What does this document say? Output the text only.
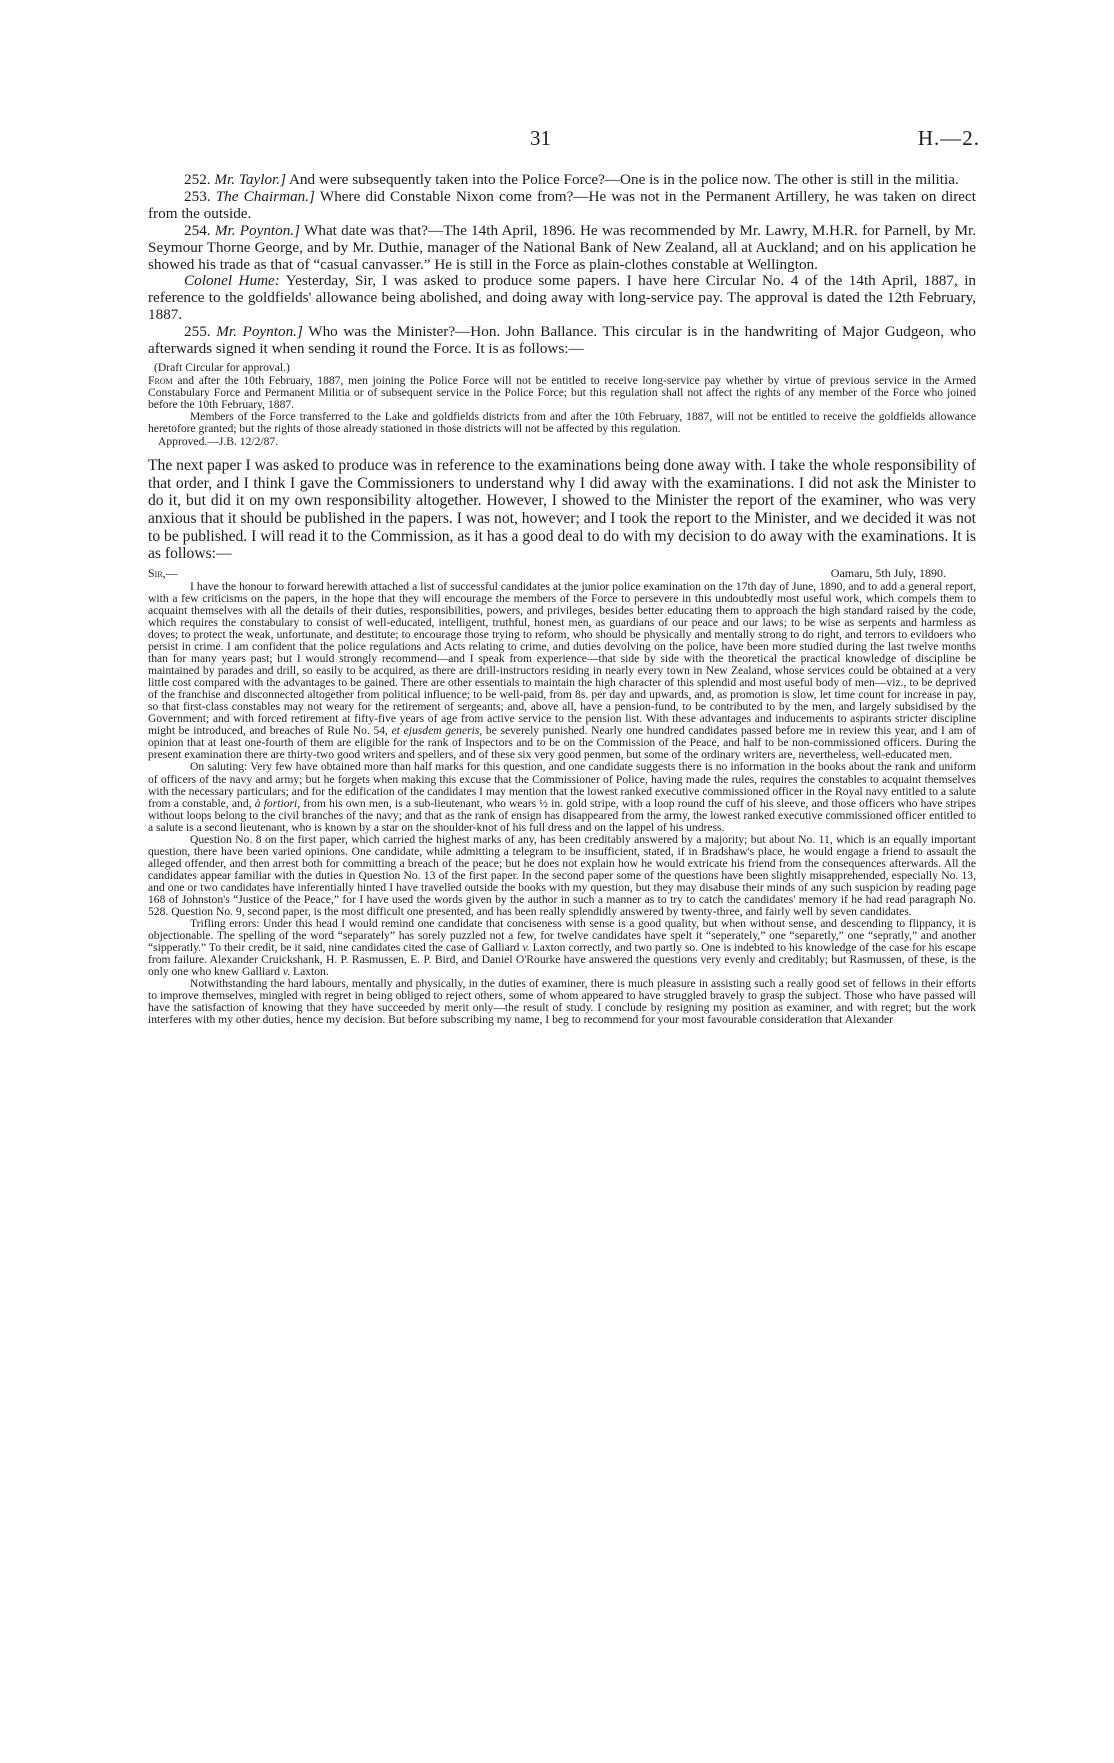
31	H.—2.

252. Mr. Taylor.] And were subsequently taken into the Police Force?—One is in the police now. The other is still in the militia.

253. The Chairman.] Where did Constable Nixon come from?—He was not in the Permanent Artillery, he was taken on direct from the outside.

254. Mr. Poynton.] What date was that?—The 14th April, 1896. He was recommended by Mr. Lawry, M.H.R. for Parnell, by Mr. Seymour Thorne George, and by Mr. Duthie, manager of the National Bank of New Zealand, all at Auckland; and on his application he showed his trade as that of “casual canvasser.” He is still in the Force as plain-clothes constable at Wellington.

Colonel Hume: Yesterday, Sir, I was asked to produce some papers. I have here Circular No. 4 of the 14th April, 1887, in reference to the goldfields' allowance being abolished, and doing away with long-service pay. The approval is dated the 12th February, 1887.

255. Mr. Poynton.] Who was the Minister?—Hon. John Ballance. This circular is in the handwriting of Major Gudgeon, who afterwards signed it when sending it round the Force. It is as follows:—

(Draft Circular for approval.)

From and after the 10th February, 1887, men joining the Police Force will not be entitled to receive long-service pay whether by virtue of previous service in the Armed Constabulary Force and Permanent Militia or of subsequent service in the Police Force; but this regulation shall not affect the rights of any member of the Force who joined before the 10th February, 1887.

Members of the Force transferred to the Lake and goldfields districts from and after the 10th February, 1887, will not be entitled to receive the goldfields allowance heretofore granted; but the rights of those already stationed in those districts will not be affected by this regulation.

Approved.—J.B. 12/2/87.

The next paper I was asked to produce was in reference to the examinations being done away with. I take the whole responsibility of that order, and I think I gave the Commissioners to understand why I did away with the examinations. I did not ask the Minister to do it, but did it on my own responsibility altogether. However, I showed to the Minister the report of the examiner, who was very anxious that it should be published in the papers. I was not, however; and I took the report to the Minister, and we decided it was not to be published. I will read it to the Commission, as it has a good deal to do with my decision to do away with the examinations. It is as follows:—

Sir,—	Oamaru, 5th July, 1890.

I have the honour to forward herewith attached a list of successful candidates at the junior police examination on the 17th day of June, 1890, and to add a general report, with a few criticisms on the papers, in the hope that they will encourage the members of the Force to persevere in this undoubtedly most useful work, which compels them to acquaint themselves with all the details of their duties, responsibilities, powers, and privileges, besides better educating them to approach the high standard raised by the code, which requires the constabulary to consist of well-educated, intelligent, truthful, honest men, as guardians of our peace and our laws; to be wise as serpents and harmless as doves; to protect the weak, unfortunate, and destitute; to encourage those trying to reform, who should be physically and mentally strong to do right, and terrors to evildoers who persist in crime. I am confident that the police regulations and Acts relating to crime, and duties devolving on the police, have been more studied during the last twelve months than for many years past; but I would strongly recommend—and I speak from experience—that side by side with the theoretical the practical knowledge of discipline be maintained by parades and drill, so easily to be acquired, as there are drill-instructors residing in nearly every town in New Zealand, whose services could be obtained at a very little cost compared with the advantages to be gained. There are other essentials to maintain the high character of this splendid and most useful body of men—viz., to be deprived of the franchise and disconnected altogether from political influence; to be well-paid, from 8s. per day and upwards, and, as promotion is slow, let time count for increase in pay, so that first-class constables may not weary for the retirement of sergeants; and, above all, have a pension-fund, to be contributed to by the men, and largely subsidised by the Government; and with forced retirement at fifty-five years of age from active service to the pension list. With these advantages and inducements to aspirants stricter discipline might be introduced, and breaches of Rule No. 54, et ejusdem generis, be severely punished. Nearly one hundred candidates passed before me in review this year, and I am of opinion that at least one-fourth of them are eligible for the rank of Inspectors and to be on the Commission of the Peace, and half to be non-commissioned officers. During the present examination there are thirty-two good writers and spellers, and of these six very good penmen, but some of the ordinary writers are, nevertheless, well-educated men.

On saluting: Very few have obtained more than half marks for this question, and one candidate suggests there is no information in the books about the rank and uniform of officers of the navy and army; but he forgets when making this excuse that the Commissioner of Police, having made the rules, requires the constables to acquaint themselves with the necessary particulars; and for the edification of the candidates I may mention that the lowest ranked executive commissioned officer in the Royal navy entitled to a salute from a constable, and, à fortiori, from his own men, is a sub-lieutenant, who wears ½ in. gold stripe, with a loop round the cuff of his sleeve, and those officers who have stripes without loops belong to the civil branches of the navy; and that as the rank of ensign has disappeared from the army, the lowest ranked executive commissioned officer entitled to a salute is a second lieutenant, who is known by a star on the shoulder-knot of his full dress and on the lappel of his undress.

Question No. 8 on the first paper, which carried the highest marks of any, has been creditably answered by a majority; but about No. 11, which is an equally important question, there have been varied opinions. One candidate, while admitting a telegram to be insufficient, stated, if in Bradshaw's place, he would engage a friend to assault the alleged offender, and then arrest both for committing a breach of the peace; but he does not explain how he would extricate his friend from the consequences afterwards. All the candidates appear familiar with the duties in Question No. 13 of the first paper. In the second paper some of the questions have been slightly misapprehended, especially No. 13, and one or two candidates have inferentially hinted I have travelled outside the books with my question, but they may disabuse their minds of any such suspicion by reading page 168 of Johnston's “Justice of the Peace,” for I have used the words given by the author in such a manner as to try to catch the candidates' memory if he had read paragraph No. 528. Question No. 9, second paper, is the most difficult one presented, and has been really splendidly answered by twenty-three, and fairly well by seven candidates.

Trifling errors: Under this head I would remind one candidate that conciseness with sense is a good quality, but when without sense, and descending to flippancy, it is objectionable. The spelling of the word “separately” has sorely puzzled not a few, for twelve candidates have spelt it “seperately,” one “separetly,” one “sepratly,” and another “sipperatly.” To their credit, be it said, nine candidates cited the case of Galliard v. Laxton correctly, and two partly so. One is indebted to his knowledge of the case for his escape from failure. Alexander Cruickshank, H. P. Rasmussen, E. P. Bird, and Daniel O'Rourke have answered the questions very evenly and creditably; but Rasmussen, of these, is the only one who knew Galliard v. Laxton.

Notwithstanding the hard labours, mentally and physically, in the duties of examiner, there is much pleasure in assisting such a really good set of fellows in their efforts to improve themselves, mingled with regret in being obliged to reject others, some of whom appeared to have struggled bravely to grasp the subject. Those who have passed will have the satisfaction of knowing that they have succeeded by merit only—the result of study. I conclude by resigning my position as examiner, and with regret; but the work interferes with my other duties, hence my decision. But before subscribing my name, I beg to recommend for your most favourable consideration that Alexander
